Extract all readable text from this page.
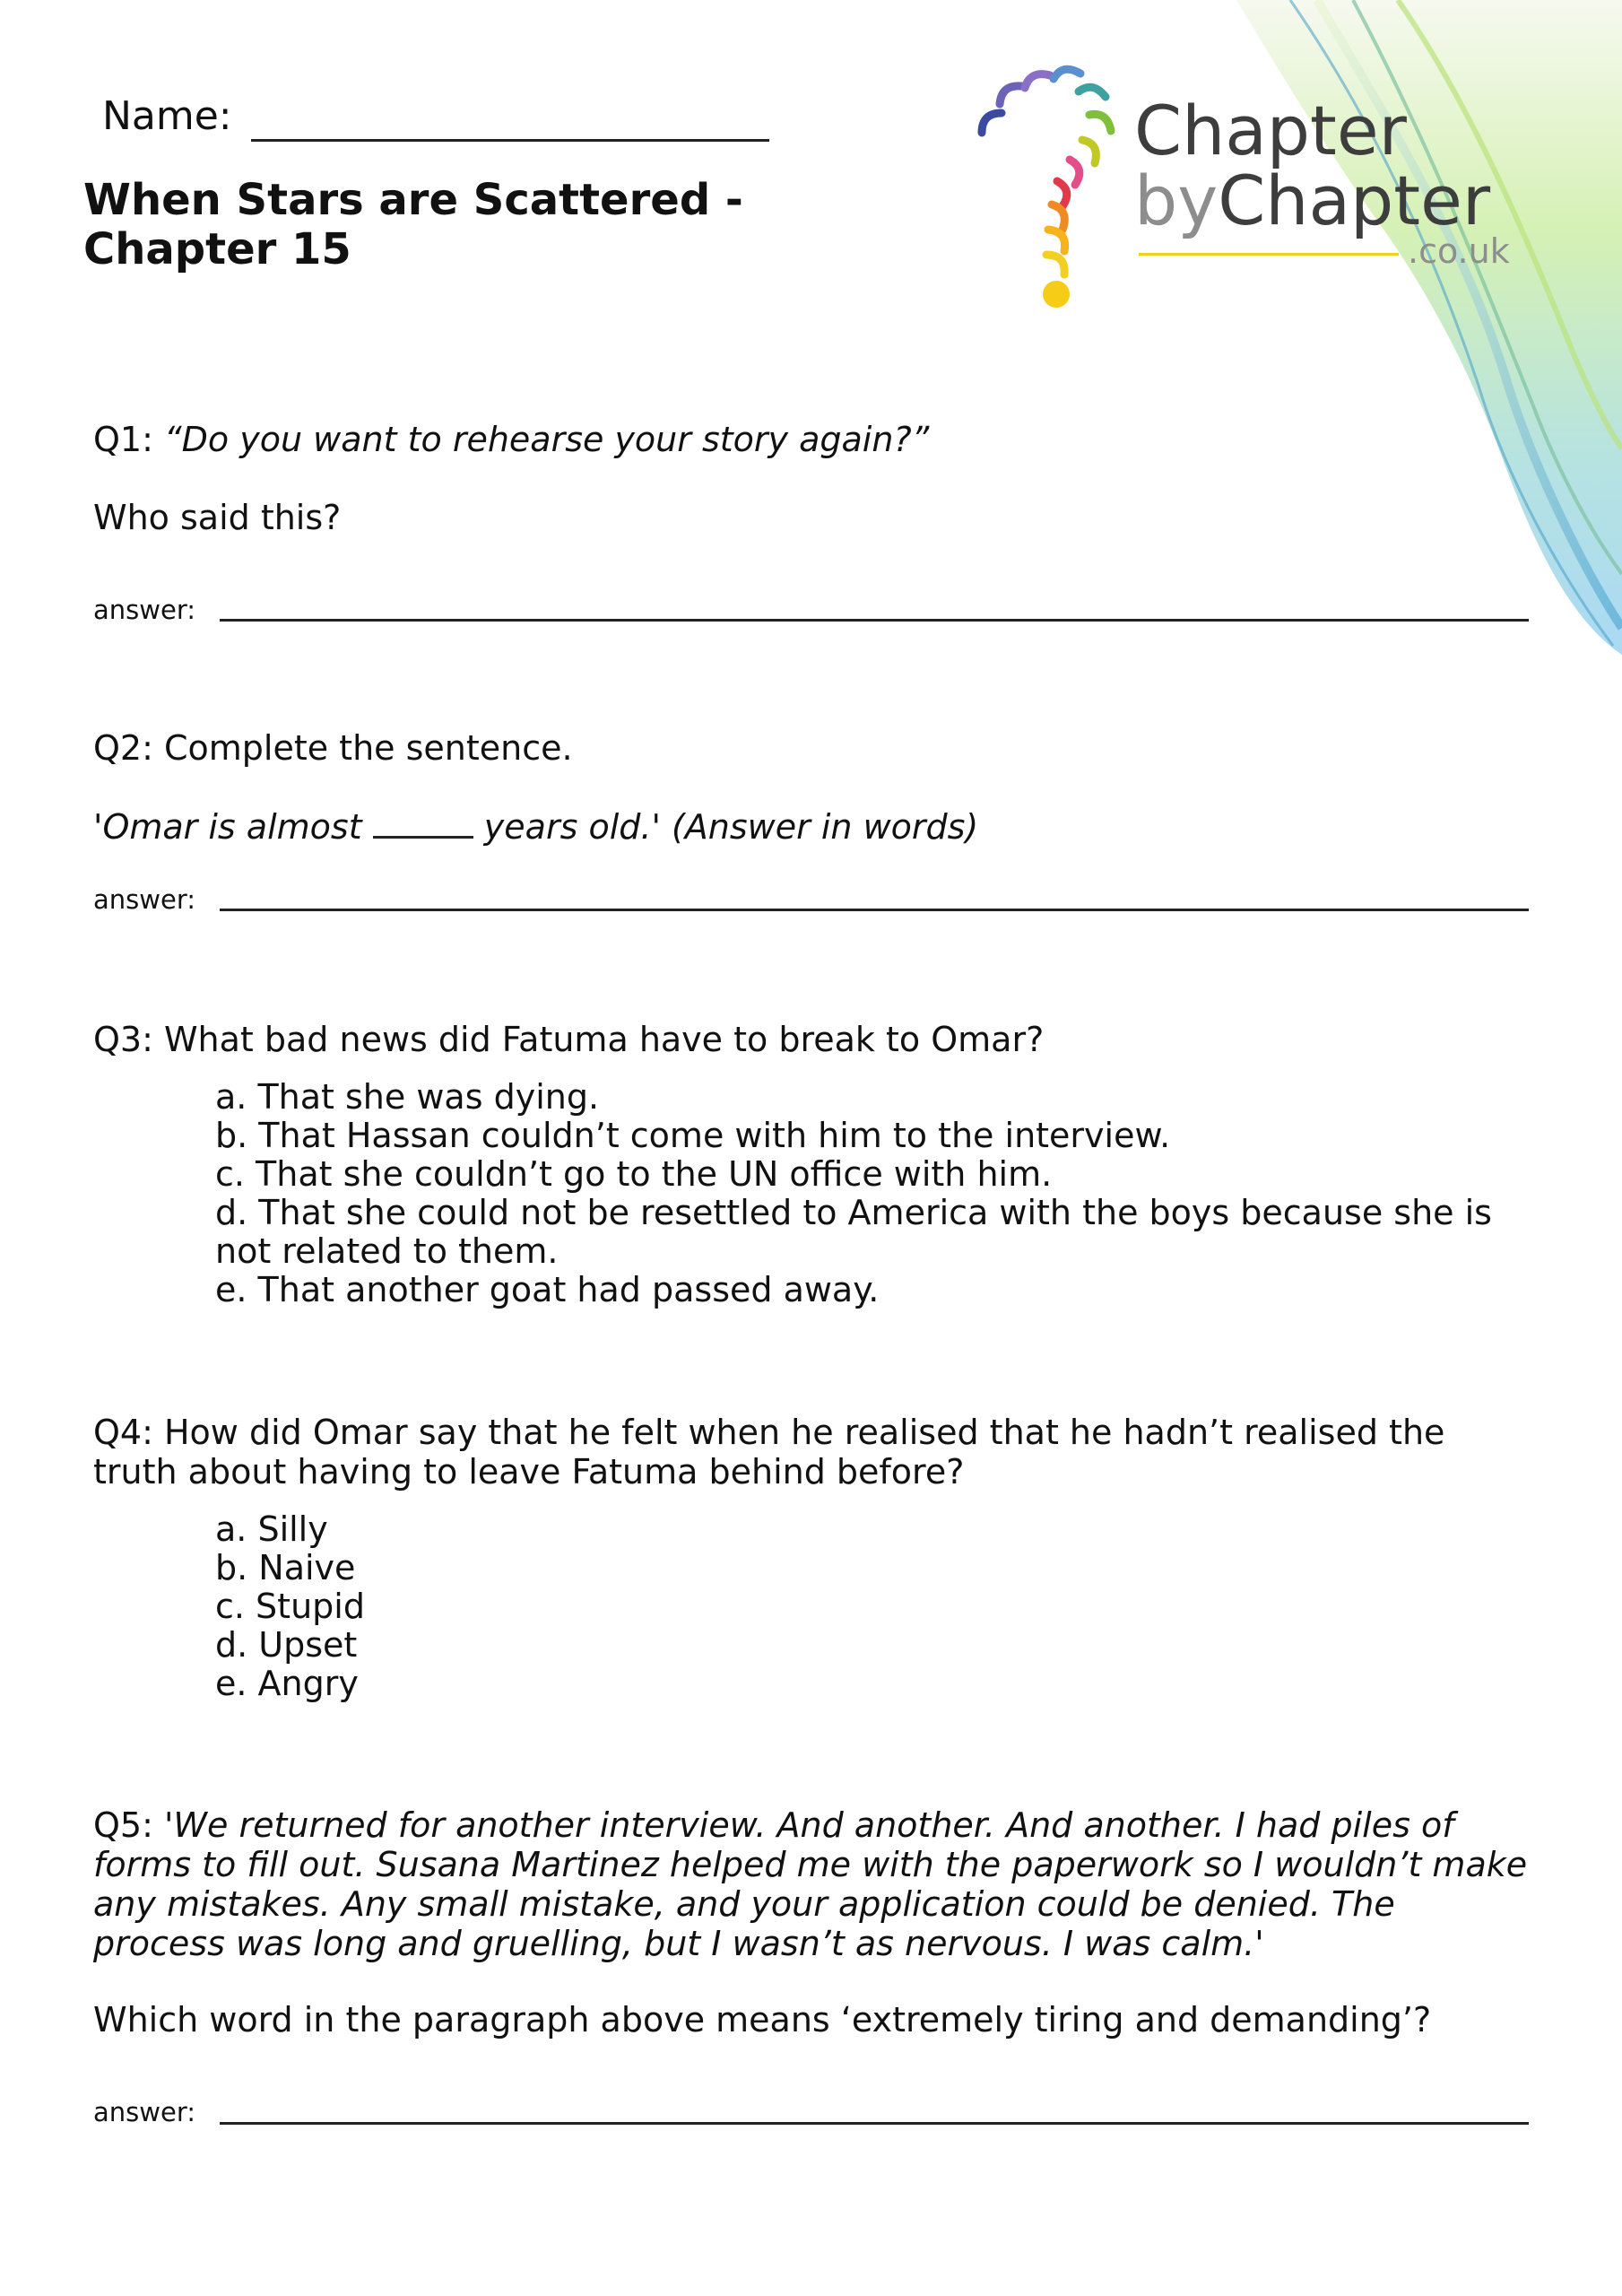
Name:
When Stars are Scattered -
Chapter 15
Chapter
byChapter
.co.uk
Q1: “Do you want to rehearse your story again?”
Who said this?
answer:
Q2: Complete the sentence.
'Omar is almost	years old.' (Answer in words)
answer:
Q3: What bad news did Fatuma have to break to Omar?
a. That she was dying.
b. That Hassan couldn’t come with him to the interview.
c. That she couldn’t go to the UN office with him.
d. That she could not be resettled to America with the boys because she is not related to them.
e. That another goat had passed away.
Q4: How did Omar say that he felt when he realised that he hadn’t realised the truth about having to leave Fatuma behind before?
a. Silly
b. Naive
c. Stupid
d. Upset
e. Angry
Q5: 'We returned for another interview. And another. And another. I had piles of forms to fill out. Susana Martinez helped me with the paperwork so I wouldn’t make any mistakes. Any small mistake, and your application could be denied. The process was long and gruelling, but I wasn’t as nervous. I was calm.'
Which word in the paragraph above means ‘extremely tiring and demanding’?
answer:
